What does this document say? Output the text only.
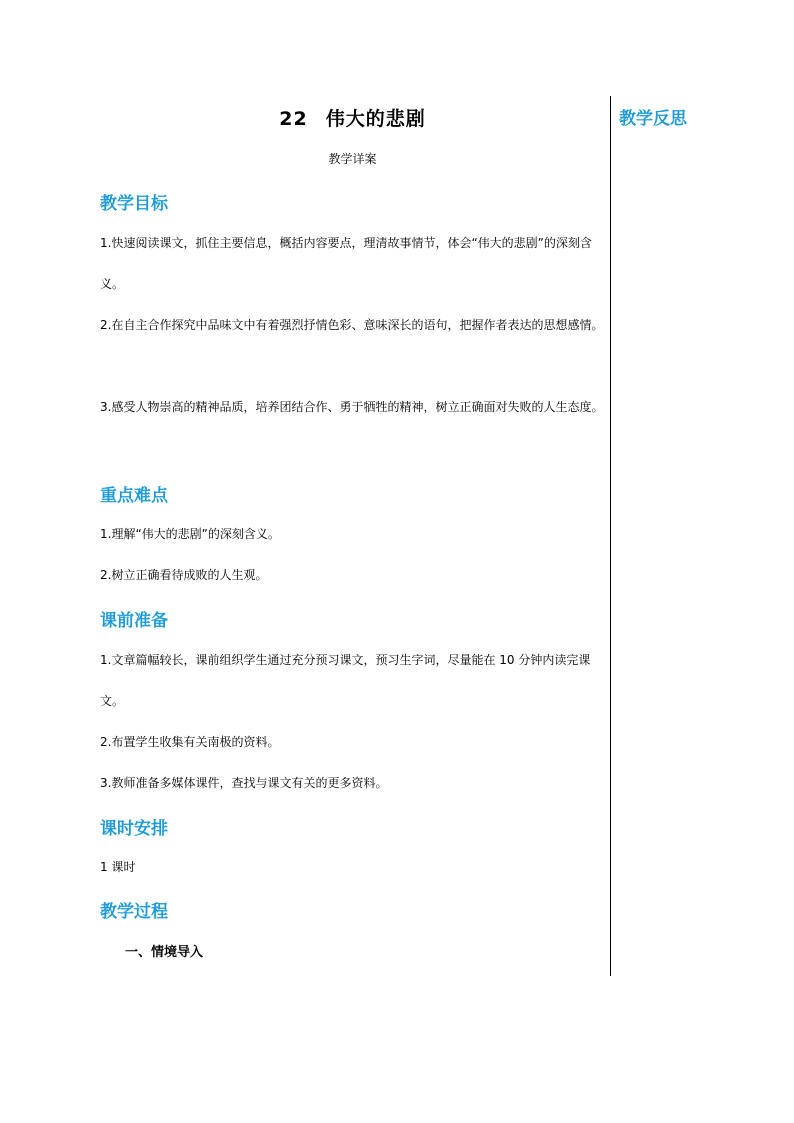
22 伟大的悲剧
教学详案
教学目标
1.快速阅读课文，抓住主要信息，概括内容要点，理清故事情节，体会“伟大的悲剧”的深刻含义。
2.在自主合作探究中品味文中有着强烈抒情色彩、意味深长的语句，把握作者表达的思想感情。
3.感受人物崇高的精神品质，培养团结合作、勇于牺牲的精神，树立正确面对失败的人生态度。
重点难点
1.理解“伟大的悲剧”的深刻含义。
2.树立正确看待成败的人生观。
课前准备
1.文章篇幅较长，课前组织学生通过充分预习课文，预习生字词，尽量能在 10 分钟内读完课文。
2.布置学生收集有关南极的资料。
3.教师准备多媒体课件，查找与课文有关的更多资料。
课时安排
1 课时
教学过程
一、情境导入
教学反思
